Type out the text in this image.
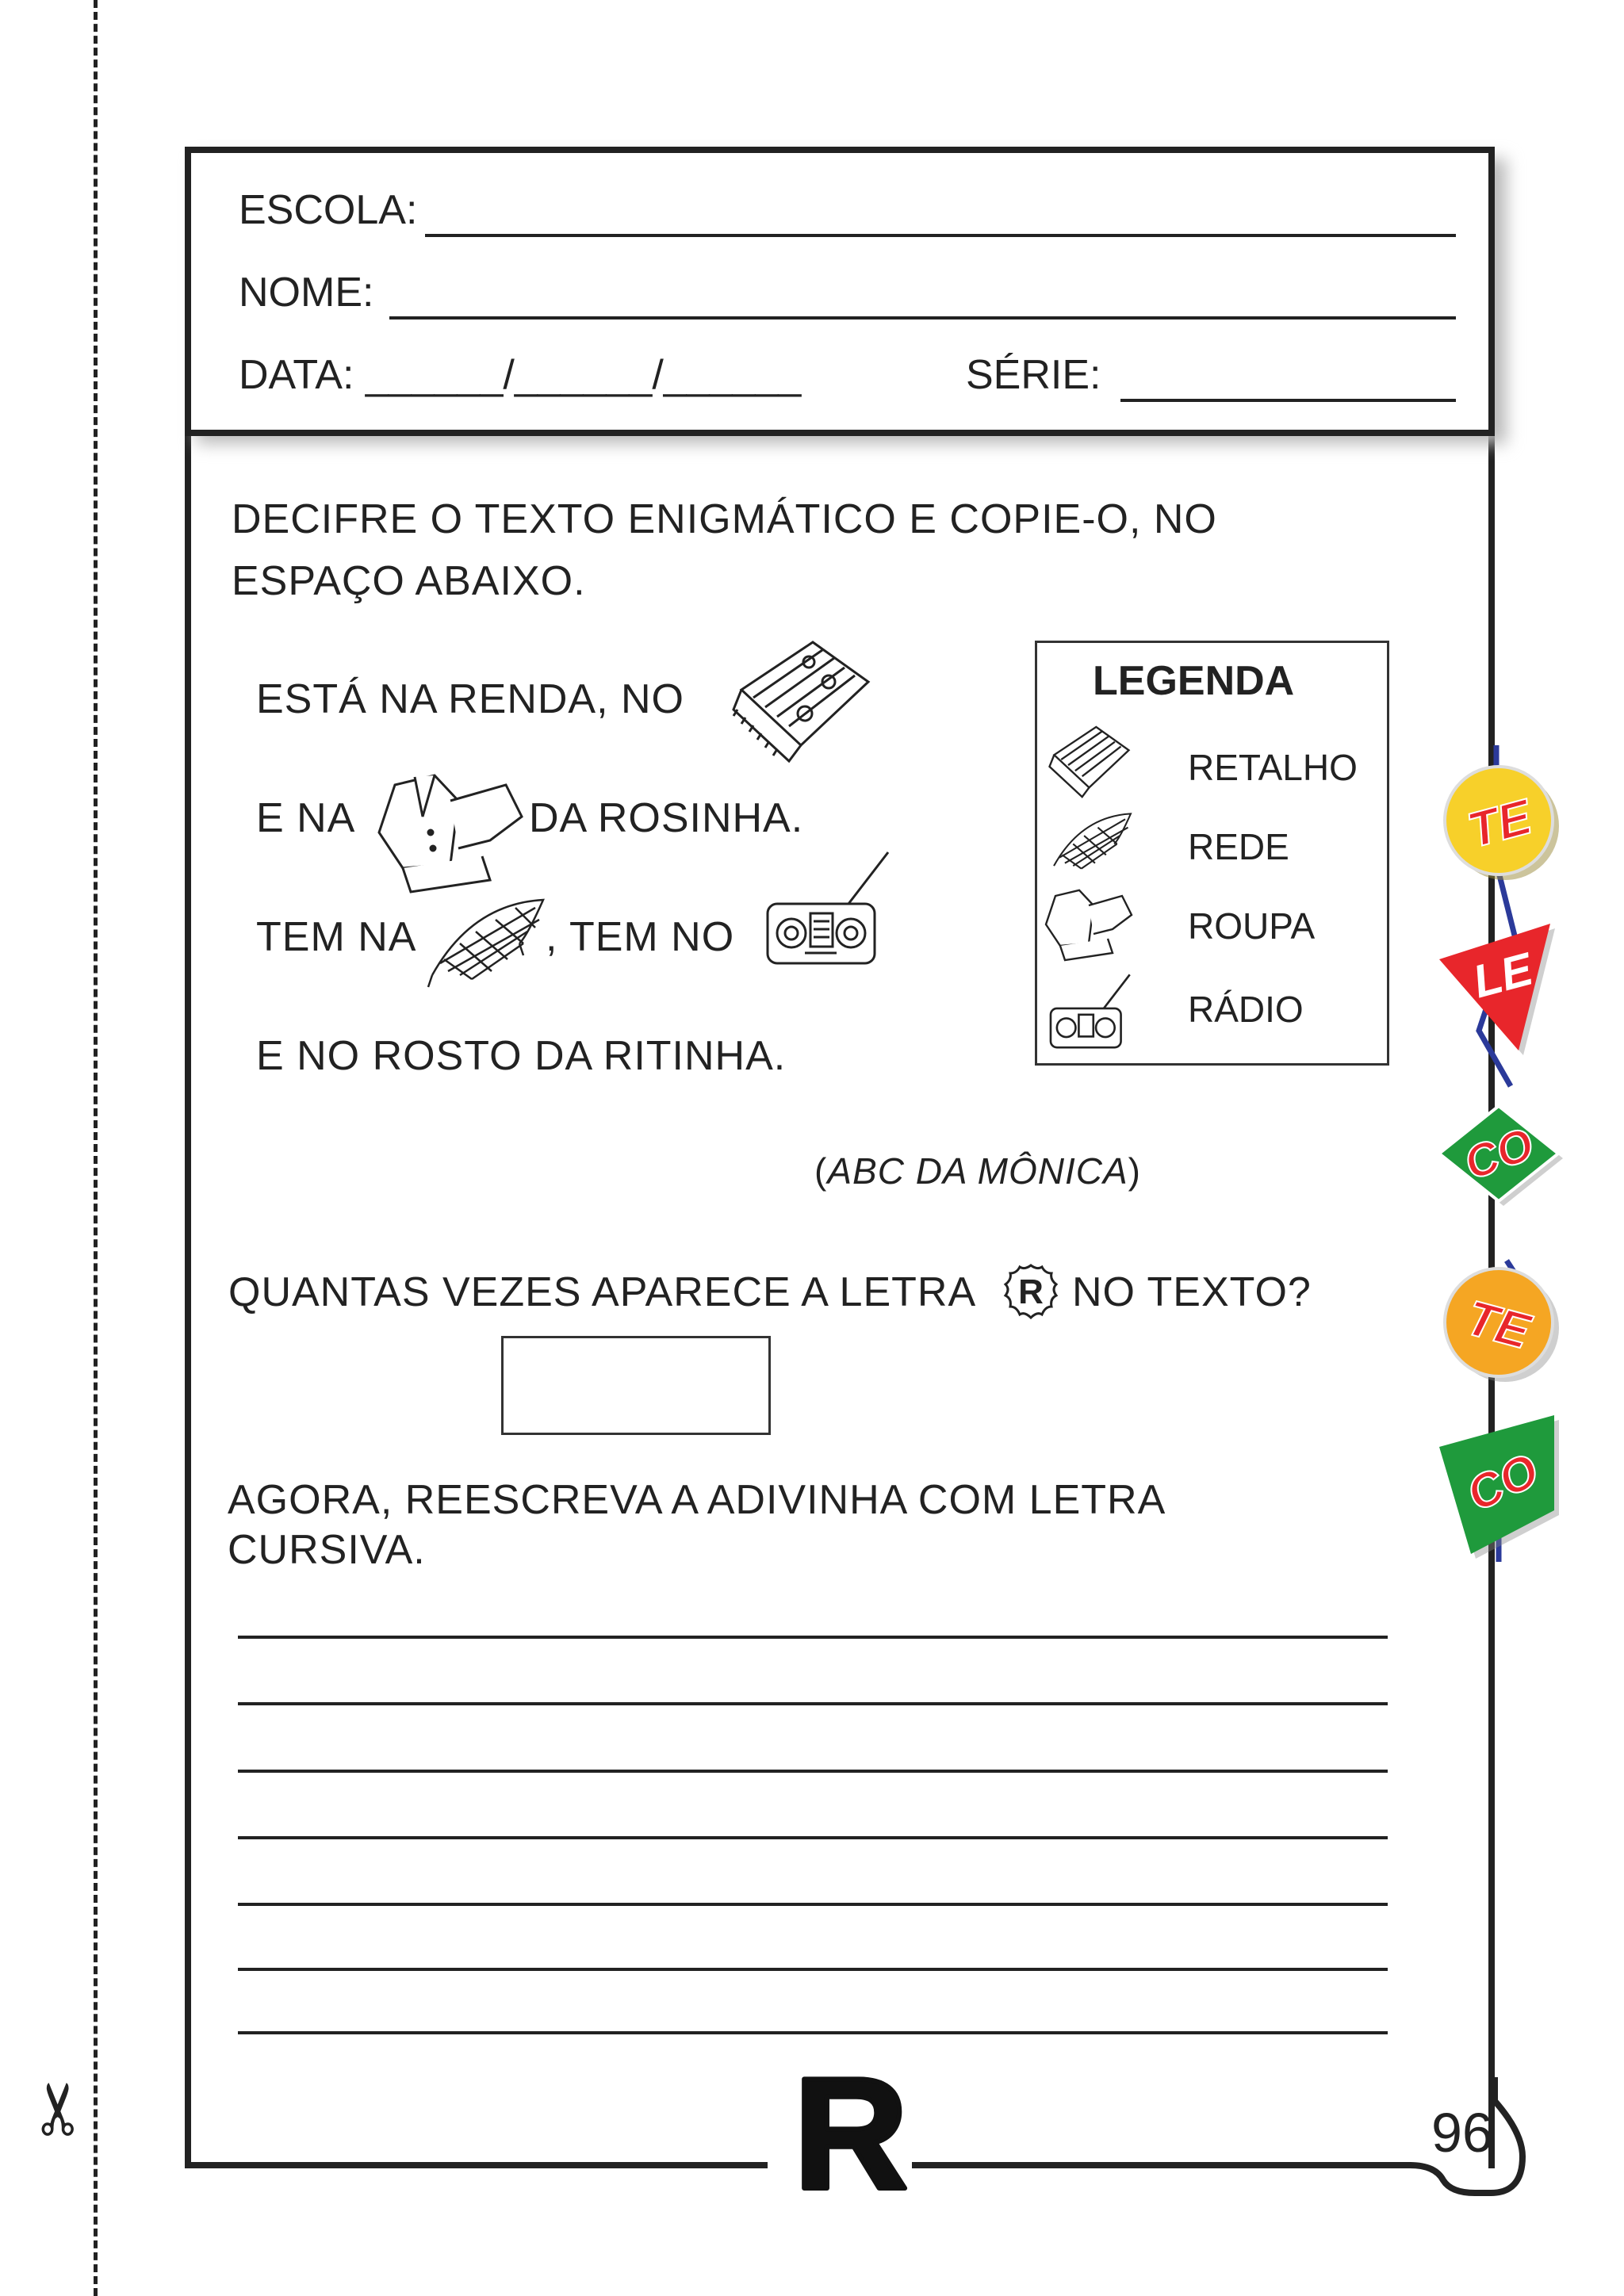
✂
ESCOLA:
NOME:
DATA: ______/______/______	SÉRIE:
DECIFRE O TEXTO ENIGMÁTICO E COPIE-O, NO
ESPAÇO ABAIXO.
ESTÁ NA RENDA, NO
E NA	DA ROSINHA.
TEM NA	, TEM NO
E NO ROSTO DA RITINHA.
(ABC DA MÔNICA)
LEGENDA
RETALHO
REDE
ROUPA
RÁDIO
QUANTAS VEZES APARECE A LETRA R NO TEXTO?
AGORA, REESCREVA A ADIVINHA COM LETRA
CURSIVA.
96
R
TE
LE
CO
TE
CO
